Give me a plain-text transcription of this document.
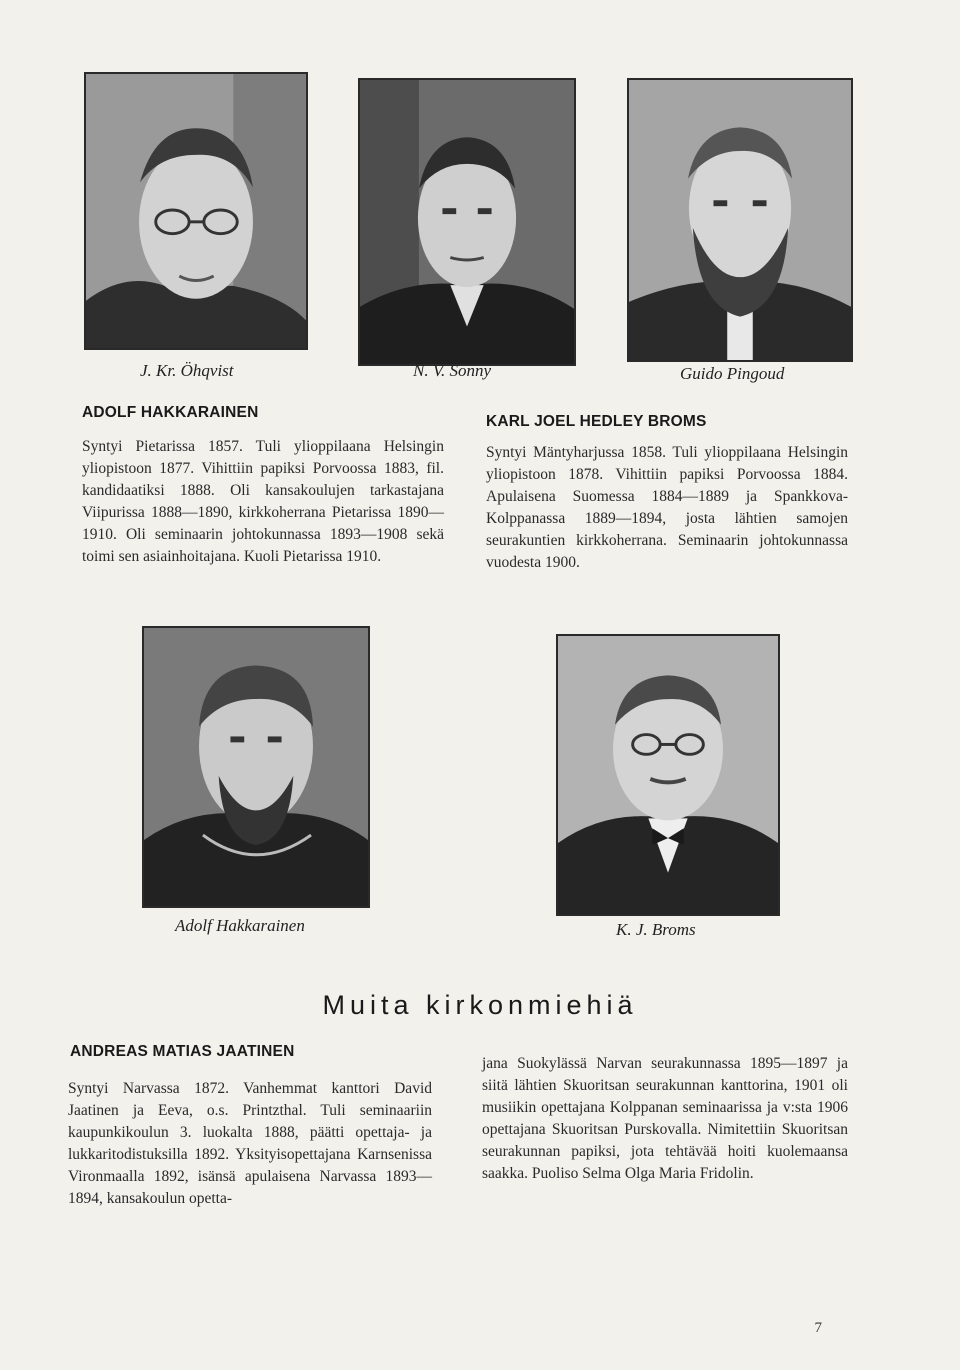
J. Kr. Öhqvist	N. V. Sonny	Guido Pingoud
ADOLF HAKKARAINEN

Syntyi Pietarissa 1857. Tuli ylioppilaana Helsingin yliopistoon 1877. Vihittiin papiksi Porvoossa 1883, fil. kandidaatiksi 1888. Oli kansakoulujen tarkastajana Viipurissa 1888—1890, kirkkoherrana Pietarissa 1890—1910. Oli seminaarin johtokunnassa 1893—1908 sekä toimi sen asiainhoitajana. Kuoli Pietarissa 1910.

KARL JOEL HEDLEY BROMS

Syntyi Mäntyharjussa 1858. Tuli ylioppilaana Helsingin yliopistoon 1878. Vihittiin papiksi Porvoossa 1884. Apulaisena Suomessa 1884—1889 ja Spankkova-Kolppanassa 1889—1894, josta lähtien samojen seurakuntien kirkkoherrana. Seminaarin johtokunnassa vuodesta 1900.

Adolf Hakkarainen	K. J. Broms
Muita kirkonmiehiä
ANDREAS MATIAS JAATINEN

Syntyi Narvassa 1872. Vanhemmat kanttori David Jaatinen ja Eeva, o.s. Printzthal. Tuli seminaariin kaupunkikoulun 3. luokalta 1888, päätti opettaja- ja lukkaritodistuksilla 1892. Yksityisopettajana Karnsenissa Vironmaalla 1892, isänsä apulaisena Narvassa 1893—1894, kansakoulun opetta-

jana Suokylässä Narvan seurakunnassa 1895—1897 ja siitä lähtien Skuoritsan seurakunnan kanttorina, 1901 oli musiikin opettajana Kolppanan seminaarissa ja v:sta 1906 opettajana Skuoritsan Purskovalla. Nimitettiin Skuoritsan seurakunnan papiksi, jota tehtävää hoiti kuolemaansa saakka. Puoliso Selma Olga Maria Fridolin.

7
